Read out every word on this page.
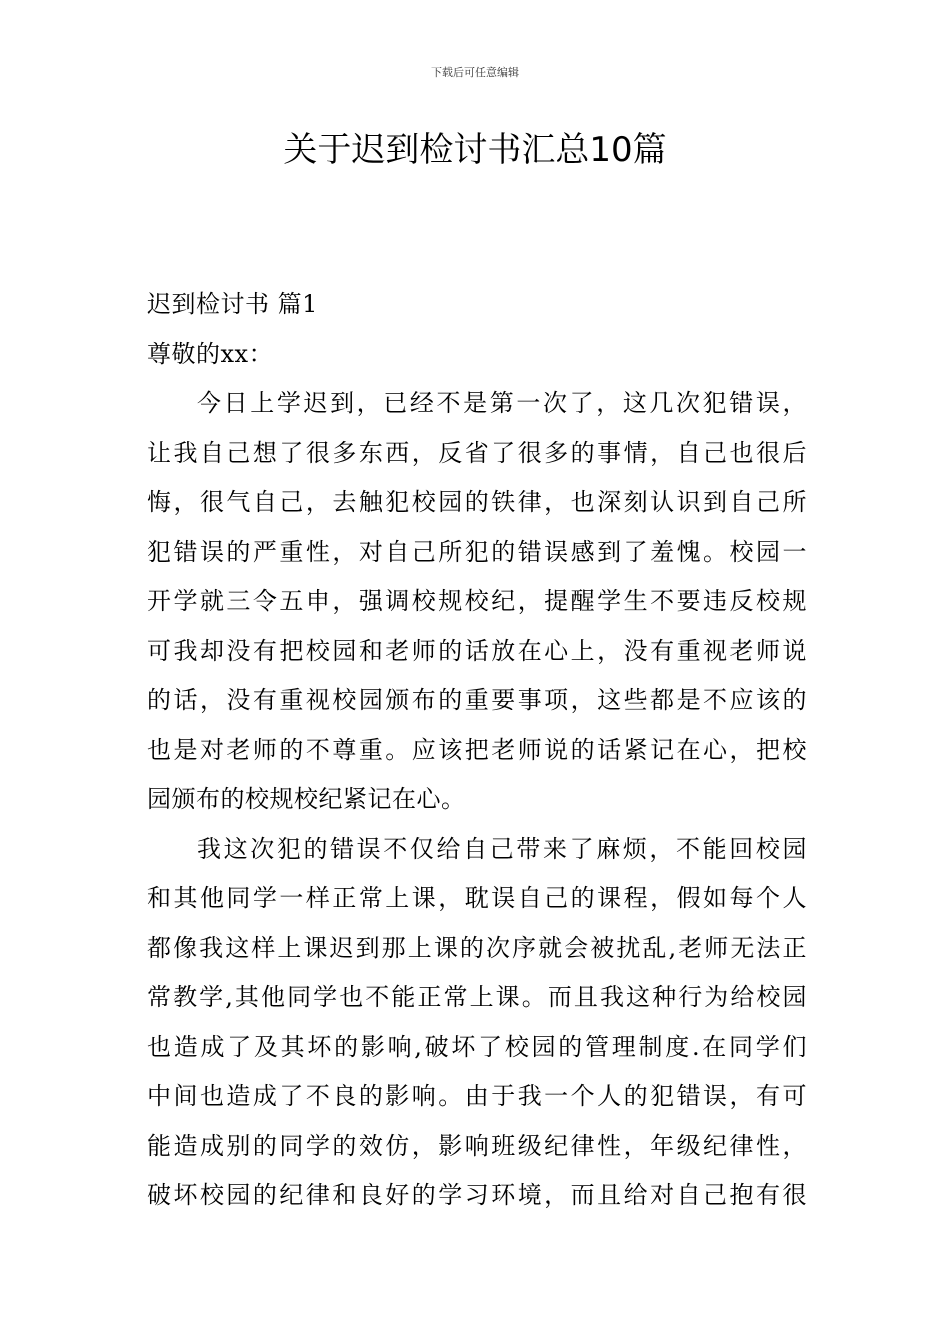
下载后可任意编辑
关于迟到检讨书汇总10篇
迟到检讨书 篇1
尊敬的xx：
今日上学迟到，已经不是第一次了，这几次犯错误，
让我自己想了很多东西，反省了很多的事情，自己也很后
悔，很气自己，去触犯校园的铁律，也深刻认识到自己所
犯错误的严重性，对自己所犯的错误感到了羞愧。校园一
开学就三令五申，强调校规校纪，提醒学生不要违反校规
可我却没有把校园和老师的话放在心上，没有重视老师说
的话，没有重视校园颁布的重要事项，这些都是不应该的
也是对老师的不尊重。应该把老师说的话紧记在心，把校
园颁布的校规校纪紧记在心。
我这次犯的错误不仅给自己带来了麻烦，不能回校园
和其他同学一样正常上课，耽误自己的课程，假如每个人
都像我这样上课迟到那上课的次序就会被扰乱,老师无法正
常教学,其他同学也不能正常上课。而且我这种行为给校园
也造成了及其坏的影响,破坏了校园的管理制度.在同学们
中间也造成了不良的影响。由于我一个人的犯错误，有可
能造成别的同学的效仿，影响班级纪律性，年级纪律性，
破坏校园的纪律和良好的学习环境，而且给对自己抱有很
